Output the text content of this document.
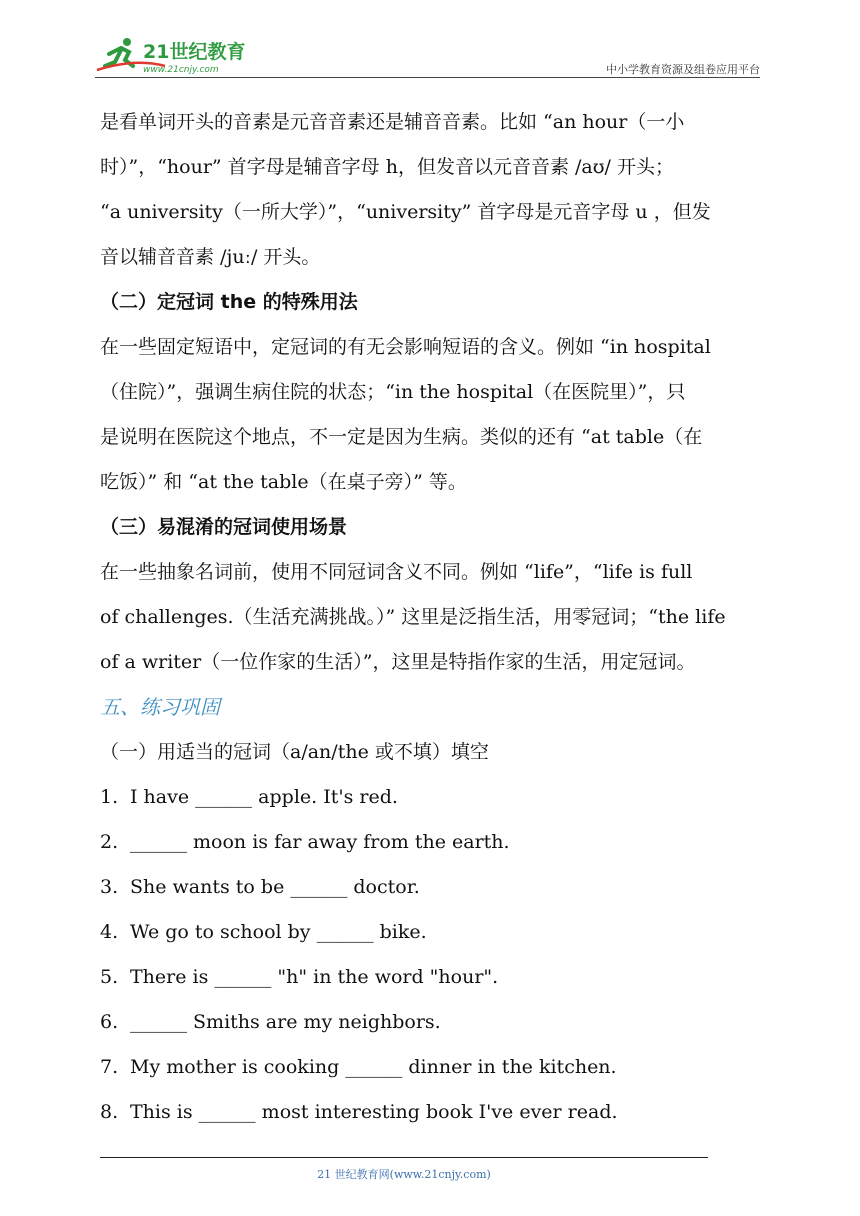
21世纪教育
www.21cnjy.com	中小学教育资源及组卷应用平台

是看单词开头的音素是元音音素还是辅音音素。比如 “an hour（一小

时）”，“hour” 首字母是辅音字母 h，但发音以元音音素 /aʊ/ 开头；

“a university（一所大学）”，“university” 首字母是元音字母 u ，但发

音以辅音音素 /juː/ 开头。

（二）定冠词 the 的特殊用法

在一些固定短语中，定冠词的有无会影响短语的含义。例如 “in hospital

（住院）”，强调生病住院的状态；“in the hospital（在医院里）”，只

是说明在医院这个地点，不一定是因为生病。类似的还有 “at table（在

吃饭）” 和 “at the table（在桌子旁）” 等。

（三）易混淆的冠词使用场景

在一些抽象名词前，使用不同冠词含义不同。例如 “life”，“life is full

of challenges.（生活充满挑战。）” 这里是泛指生活，用零冠词；“the life

of a writer（一位作家的生活）”，这里是特指作家的生活，用定冠词。

五、练习巩固

（一）用适当的冠词（a/an/the 或不填）填空

1. I have ______ apple. It's red.

2. ______ moon is far away from the earth.

3. She wants to be ______ doctor.

4. We go to school by ______ bike.

5. There is ______ "h" in the word "hour".

6. ______ Smiths are my neighbors.

7. My mother is cooking ______ dinner in the kitchen.

8. This is ______ most interesting book I've ever read.

21 世纪教育网(www.21cnjy.com)
